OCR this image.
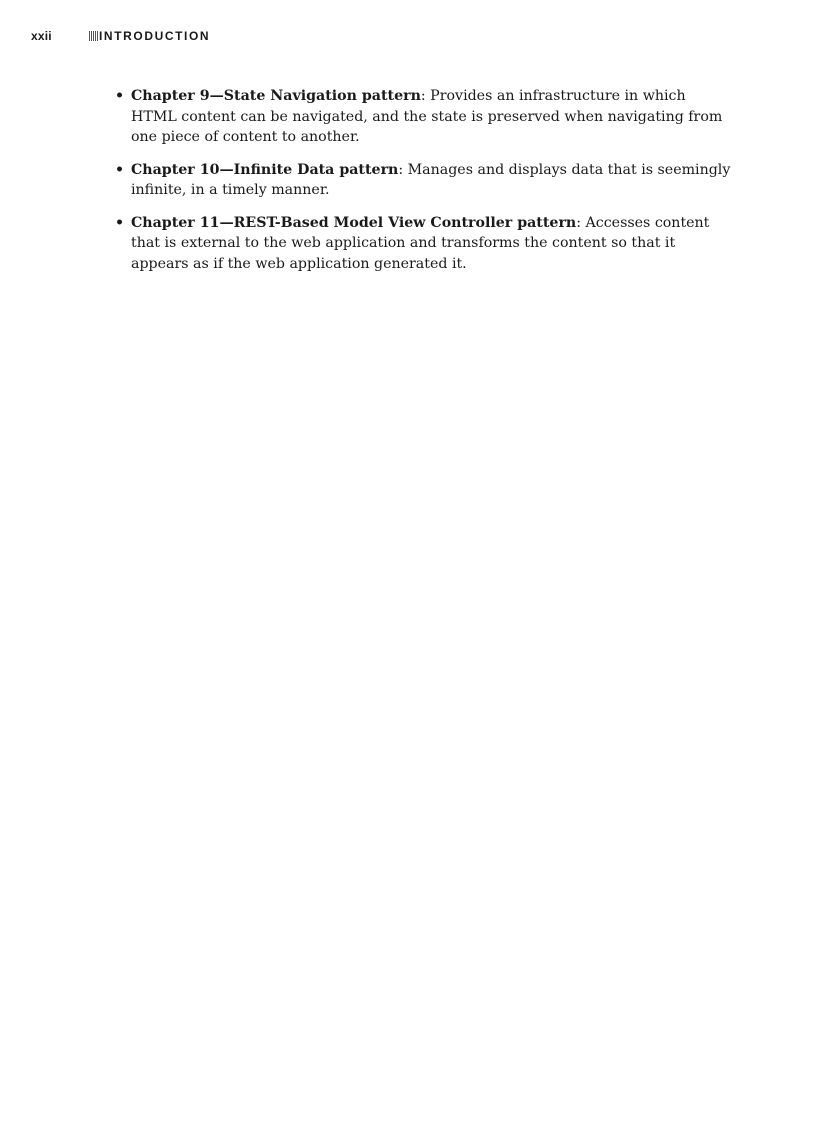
xxii	INTRODUCTION
• Chapter 9—State Navigation pattern: Provides an infrastructure in which HTML content can be navigated, and the state is preserved when navigating from one piece of content to another.
• Chapter 10—Infinite Data pattern: Manages and displays data that is seemingly infinite, in a timely manner.
• Chapter 11—REST-Based Model View Controller pattern: Accesses content that is external to the web application and transforms the content so that it appears as if the web application generated it.
